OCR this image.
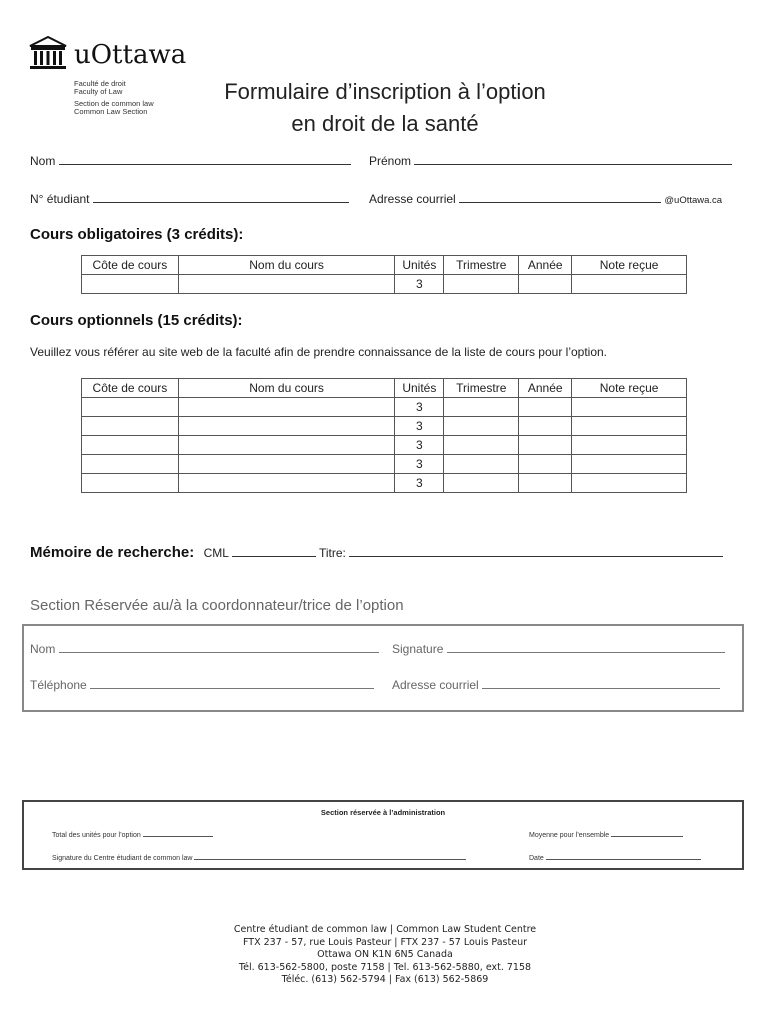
uOttawa
Faculté de droit
Faculty of Law
Section de common law
Common Law Section
Formulaire d’inscription à l’option
en droit de la santé
Nom	Prénom
N° étudiant	Adresse courriel	@uOttawa.ca
Cours obligatoires (3 crédits):
Côte de cours	Nom du cours	Unités	Trimestre	Année	Note reçue
		3			
Cours optionnels (15 crédits):
Veuillez vous référer au site web de la faculté afin de prendre connaissance de la liste de cours pour l’option.
Côte de cours	Nom du cours	Unités	Trimestre	Année	Note reçue
		3			
		3			
		3			
		3			
		3			
Mémoire de recherche: CML	Titre:
Section Réservée au/à la coordonnateur/trice de l’option
Nom	Signature
Téléphone	Adresse courriel
Section réservée à l’administration
Total des unités pour l’option	Moyenne pour l’ensemble
Signature du Centre étudiant de common law	Date
Centre étudiant de common law | Common Law Student Centre
FTX 237 - 57, rue Louis Pasteur | FTX 237 - 57 Louis Pasteur
Ottawa ON K1N 6N5 Canada
Tél. 613-562-5800, poste 7158 | Tel. 613-562-5880, ext. 7158
Téléc. (613) 562-5794 | Fax (613) 562-5869
